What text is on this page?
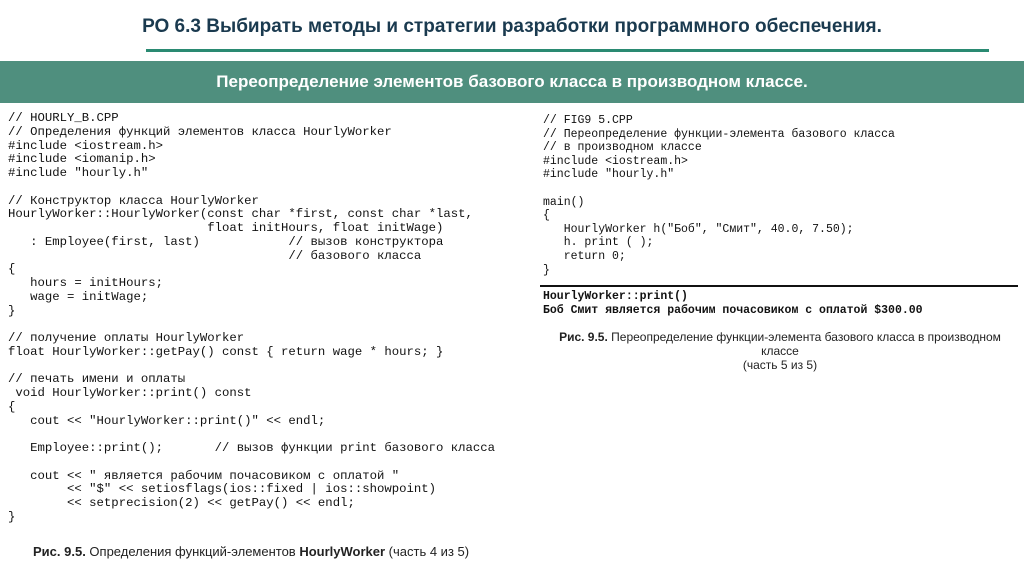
РО 6.3 Выбирать методы и стратегии разработки программного обеспечения.
Переопределение элементов базового класса в производном классе.
// HOURLY_B.CPP
// Определения функций элементов класса HourlyWorker
#include <iostream.h>
#include <iomanip.h>
#include "hourly.h"

// Конструктор класса HourlyWorker
HourlyWorker::HourlyWorker(const char *first, const char *last,
float initHours, float initWage)
: Employee(first, last)            // вызов конструктора
// базового класса
{
hours = initHours;
wage = initWage;
}

// получение оплаты HourlyWorker
float HourlyWorker::getPay() const { return wage * hours; }

// печать имени и оплаты
void HourlyWorker::print() const
{
cout << "HourlyWorker::print()" << endl;

Employee::print();       // вызов функции print базового класса

cout << " является рабочим почасовиком с оплатой "
<< "$" << setiosflags(ios::fixed | ios::showpoint)
<< setprecision(2) << getPay() << endl;
}
// FIG9 5.CPP
// Переопределение функции-элемента базового класса
// в производном классе
#include <iostream.h>
#include "hourly.h"

main()
{
HourlyWorker h("Боб", "Смит", 40.0, 7.50);
h. print ( );
return 0;
}
HourlyWorker::print()
Боб Смит является рабочим почасовиком с оплатой $300.00
Рис. 9.5. Переопределение функции-элемента базового класса в производном классе
(часть 5 из 5)
Рис. 9.5. Определения функций-элементов HourlyWorker (часть 4 из 5)
